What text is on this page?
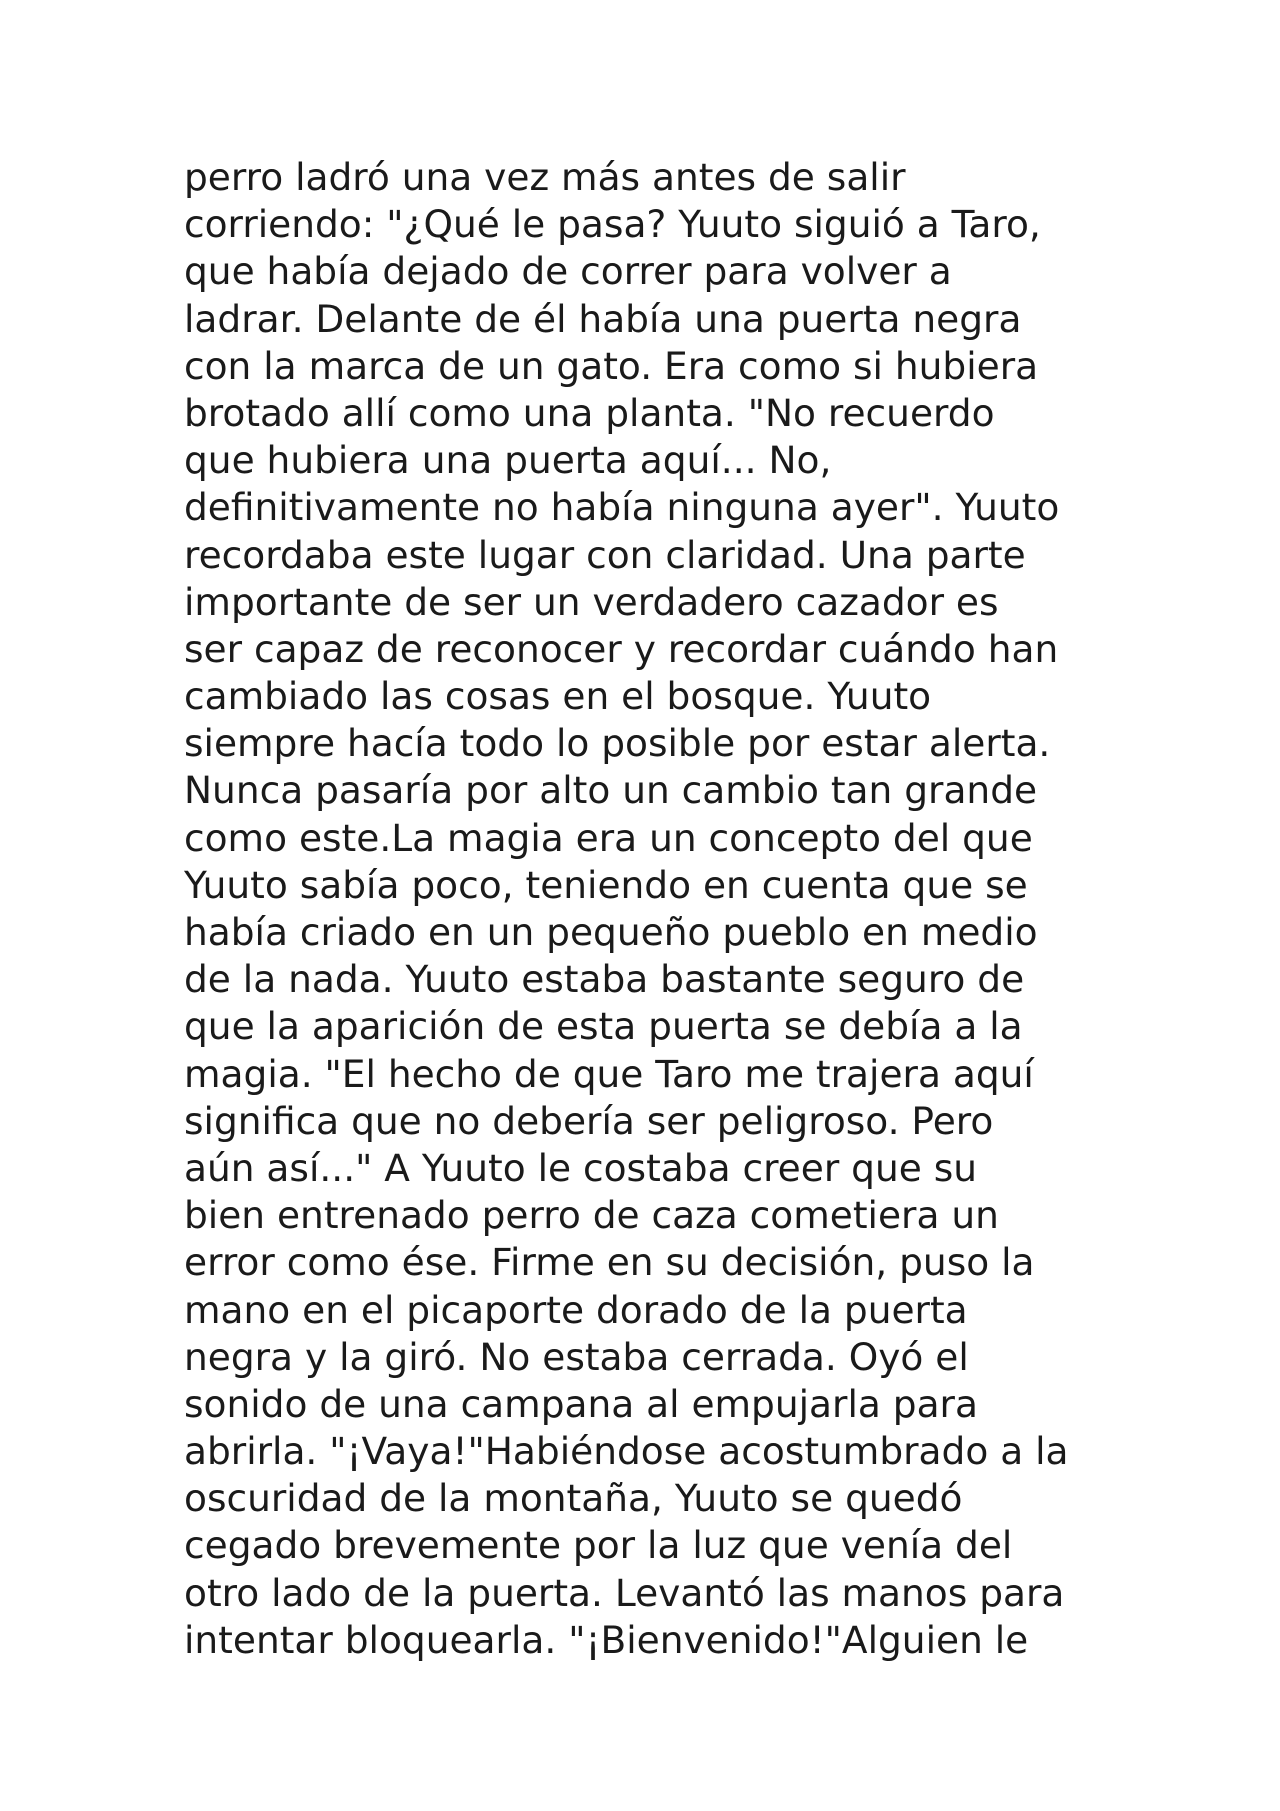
perro ladró una vez más antes de salir
corriendo: "¿Qué le pasa? Yuuto siguió a Taro,
que había dejado de correr para volver a
ladrar. Delante de él había una puerta negra
con la marca de un gato. Era como si hubiera
brotado allí como una planta. "No recuerdo
que hubiera una puerta aquí... No,
definitivamente no había ninguna ayer". Yuuto
recordaba este lugar con claridad. Una parte
importante de ser un verdadero cazador es
ser capaz de reconocer y recordar cuándo han
cambiado las cosas en el bosque. Yuuto
siempre hacía todo lo posible por estar alerta.
Nunca pasaría por alto un cambio tan grande
como este.La magia era un concepto del que
Yuuto sabía poco, teniendo en cuenta que se
había criado en un pequeño pueblo en medio
de la nada. Yuuto estaba bastante seguro de
que la aparición de esta puerta se debía a la
magia. "El hecho de que Taro me trajera aquí
significa que no debería ser peligroso. Pero
aún así..." A Yuuto le costaba creer que su
bien entrenado perro de caza cometiera un
error como ése. Firme en su decisión, puso la
mano en el picaporte dorado de la puerta
negra y la giró. No estaba cerrada. Oyó el
sonido de una campana al empujarla para
abrirla. "¡Vaya!"Habiéndose acostumbrado a la
oscuridad de la montaña, Yuuto se quedó
cegado brevemente por la luz que venía del
otro lado de la puerta. Levantó las manos para
intentar bloquearla. "¡Bienvenido!"Alguien le
